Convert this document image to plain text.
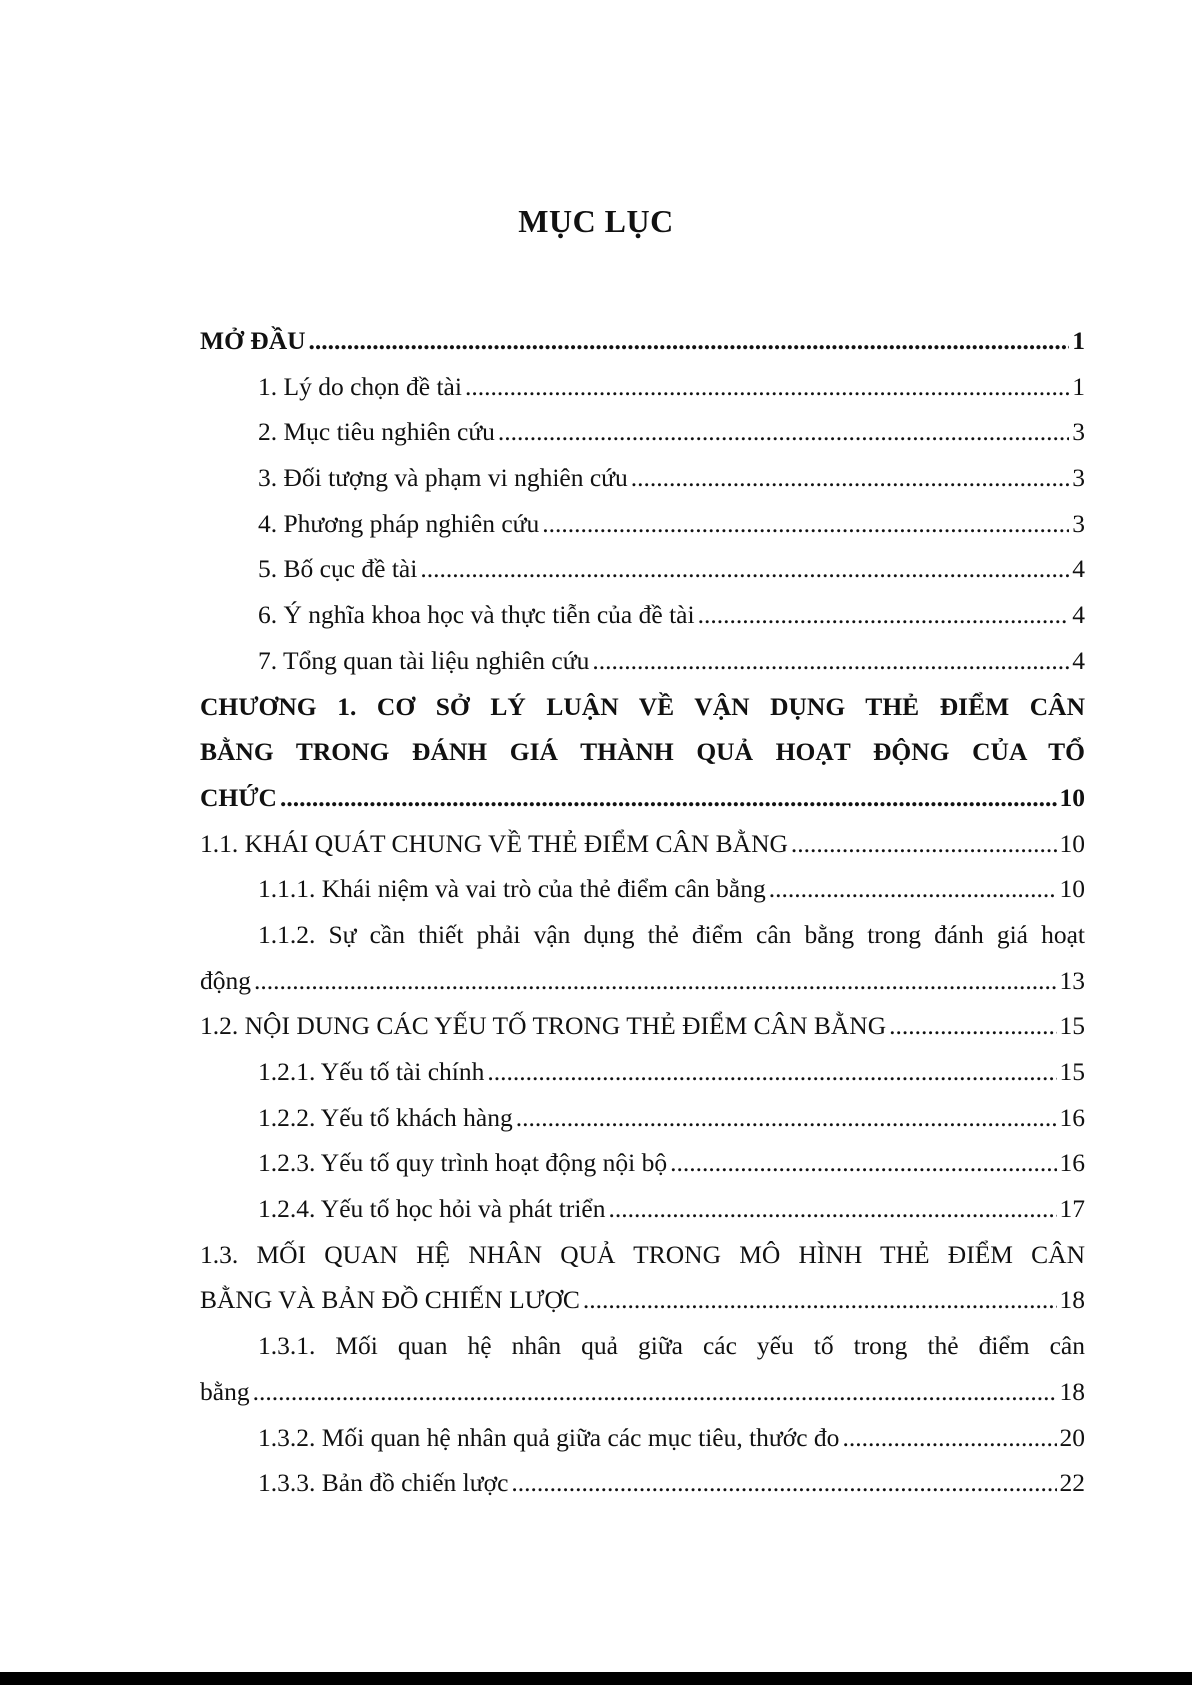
MỤC LỤC
MỞ ĐẦU .....	1
1. Lý do chọn đề tài .....	1
2. Mục tiêu nghiên cứu .....	3
3. Đối tượng và phạm vi nghiên cứu .....	3
4. Phương pháp nghiên cứu .....	3
5. Bố cục đề tài .....	4
6. Ý nghĩa khoa học và thực tiễn của đề tài .....	4
7. Tổng quan tài liệu nghiên cứu .....	4
CHƯƠNG 1. CƠ SỞ LÝ LUẬN VỀ VẬN DỤNG THẺ ĐIỂM CÂN
BẰNG TRONG ĐÁNH GIÁ THÀNH QUẢ HOẠT ĐỘNG CỦA TỔ
CHỨC .....	10
1.1. KHÁI QUÁT CHUNG VỀ THẺ ĐIỂM CÂN BẰNG .....	10
1.1.1. Khái niệm và vai trò của thẻ điểm cân bằng .....	10
1.1.2. Sự cần thiết phải vận dụng thẻ điểm cân bằng trong đánh giá hoạt
động .....	13
1.2. NỘI DUNG CÁC YẾU TỐ TRONG THẺ ĐIỂM CÂN BẰNG .....	15
1.2.1. Yếu tố tài chính .....	15
1.2.2. Yếu tố khách hàng .....	16
1.2.3. Yếu tố quy trình hoạt động nội bộ .....	16
1.2.4. Yếu tố học hỏi và phát triển .....	17
1.3. MỐI QUAN HỆ NHÂN QUẢ TRONG MÔ HÌNH THẺ ĐIỂM CÂN
BẰNG VÀ BẢN ĐỒ CHIẾN LƯỢC .....	18
1.3.1. Mối quan hệ nhân quả giữa các yếu tố trong thẻ điểm cân
bằng .....	18
1.3.2. Mối quan hệ nhân quả giữa các mục tiêu, thước đo .....	20
1.3.3. Bản đồ chiến lược .....	22
